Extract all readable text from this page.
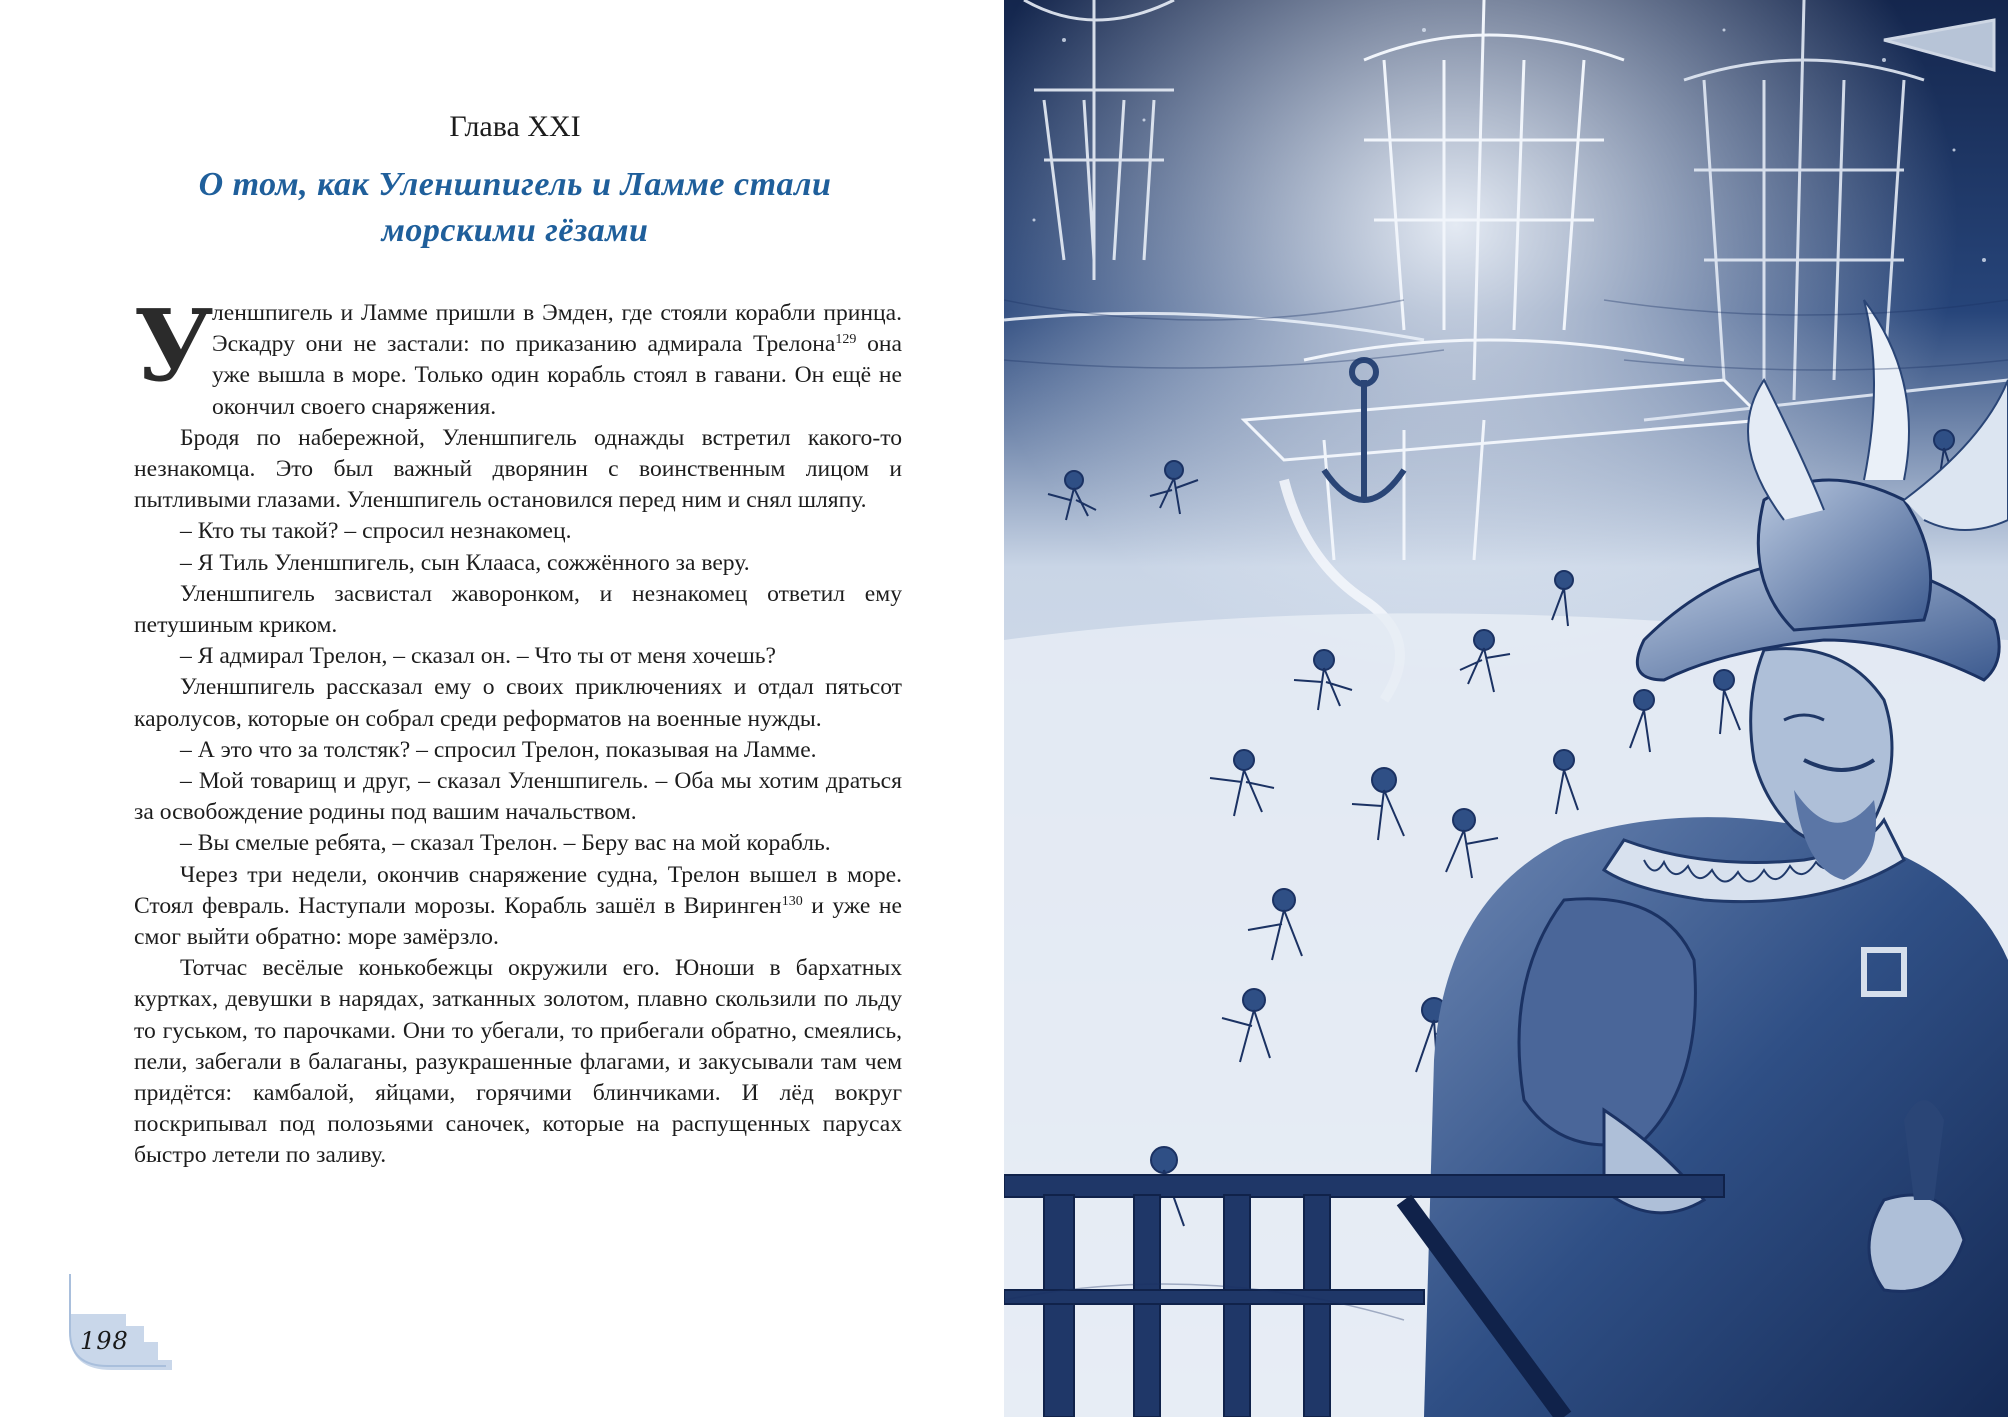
Глава XXI
О том, как Уленшпигель и Ламме стали
морскими гёзами

У
леншпигель и Ламме пришли в Эмден, где стояли корабли принца. Эскадру они не застали: по приказанию адмирала Трелона$^{129}$ она уже вышла в море. Только один корабль стоял в гавани. Он ещё не окончил своего снаряжения.

Бродя по набережной, Уленшпигель однажды встретил какого-то незнакомца. Это был важный дворянин с воинственным лицом и пытливыми глазами. Уленшпигель остановился перед ним и снял шляпу.

– Кто ты такой? – спросил незнакомец.

– Я Тиль Уленшпигель, сын Клааса, сожжённого за веру.

Уленшпигель засвистал жаворонком, и незнакомец ответил ему петушиным криком.

– Я адмирал Трелон, – сказал он. – Что ты от меня хочешь?

Уленшпигель рассказал ему о своих приключениях и отдал пятьсот каролусов, которые он собрал среди реформатов на военные нужды.

– А это что за толстяк? – спросил Трелон, показывая на Ламме.

– Мой товарищ и друг, – сказал Уленшпигель. – Оба мы хотим драться за освобождение родины под вашим начальством.

– Вы смелые ребята, – сказал Трелон. – Беру вас на мой корабль.

Через три недели, окончив снаряжение судна, Трелон вышел в море. Стоял февраль. Наступали морозы. Корабль зашёл в Виринген$^{130}$ и уже не смог выйти обратно: море замёрзло.

Тотчас весёлые конькобежцы окружили его. Юноши в бархатных куртках, девушки в нарядах, затканных золотом, плавно скользили по льду то гуськом, то парочками. Они то убегали, то прибегали обратно, смеялись, пели, забегали в балаганы, разукрашенные флагами, и закусывали там чем придётся: камбалой, яйцами, горячими блинчиками. И лёд вокруг поскрипывал под полозьями саночек, которые на распущенных парусах быстро летели по заливу.

198
